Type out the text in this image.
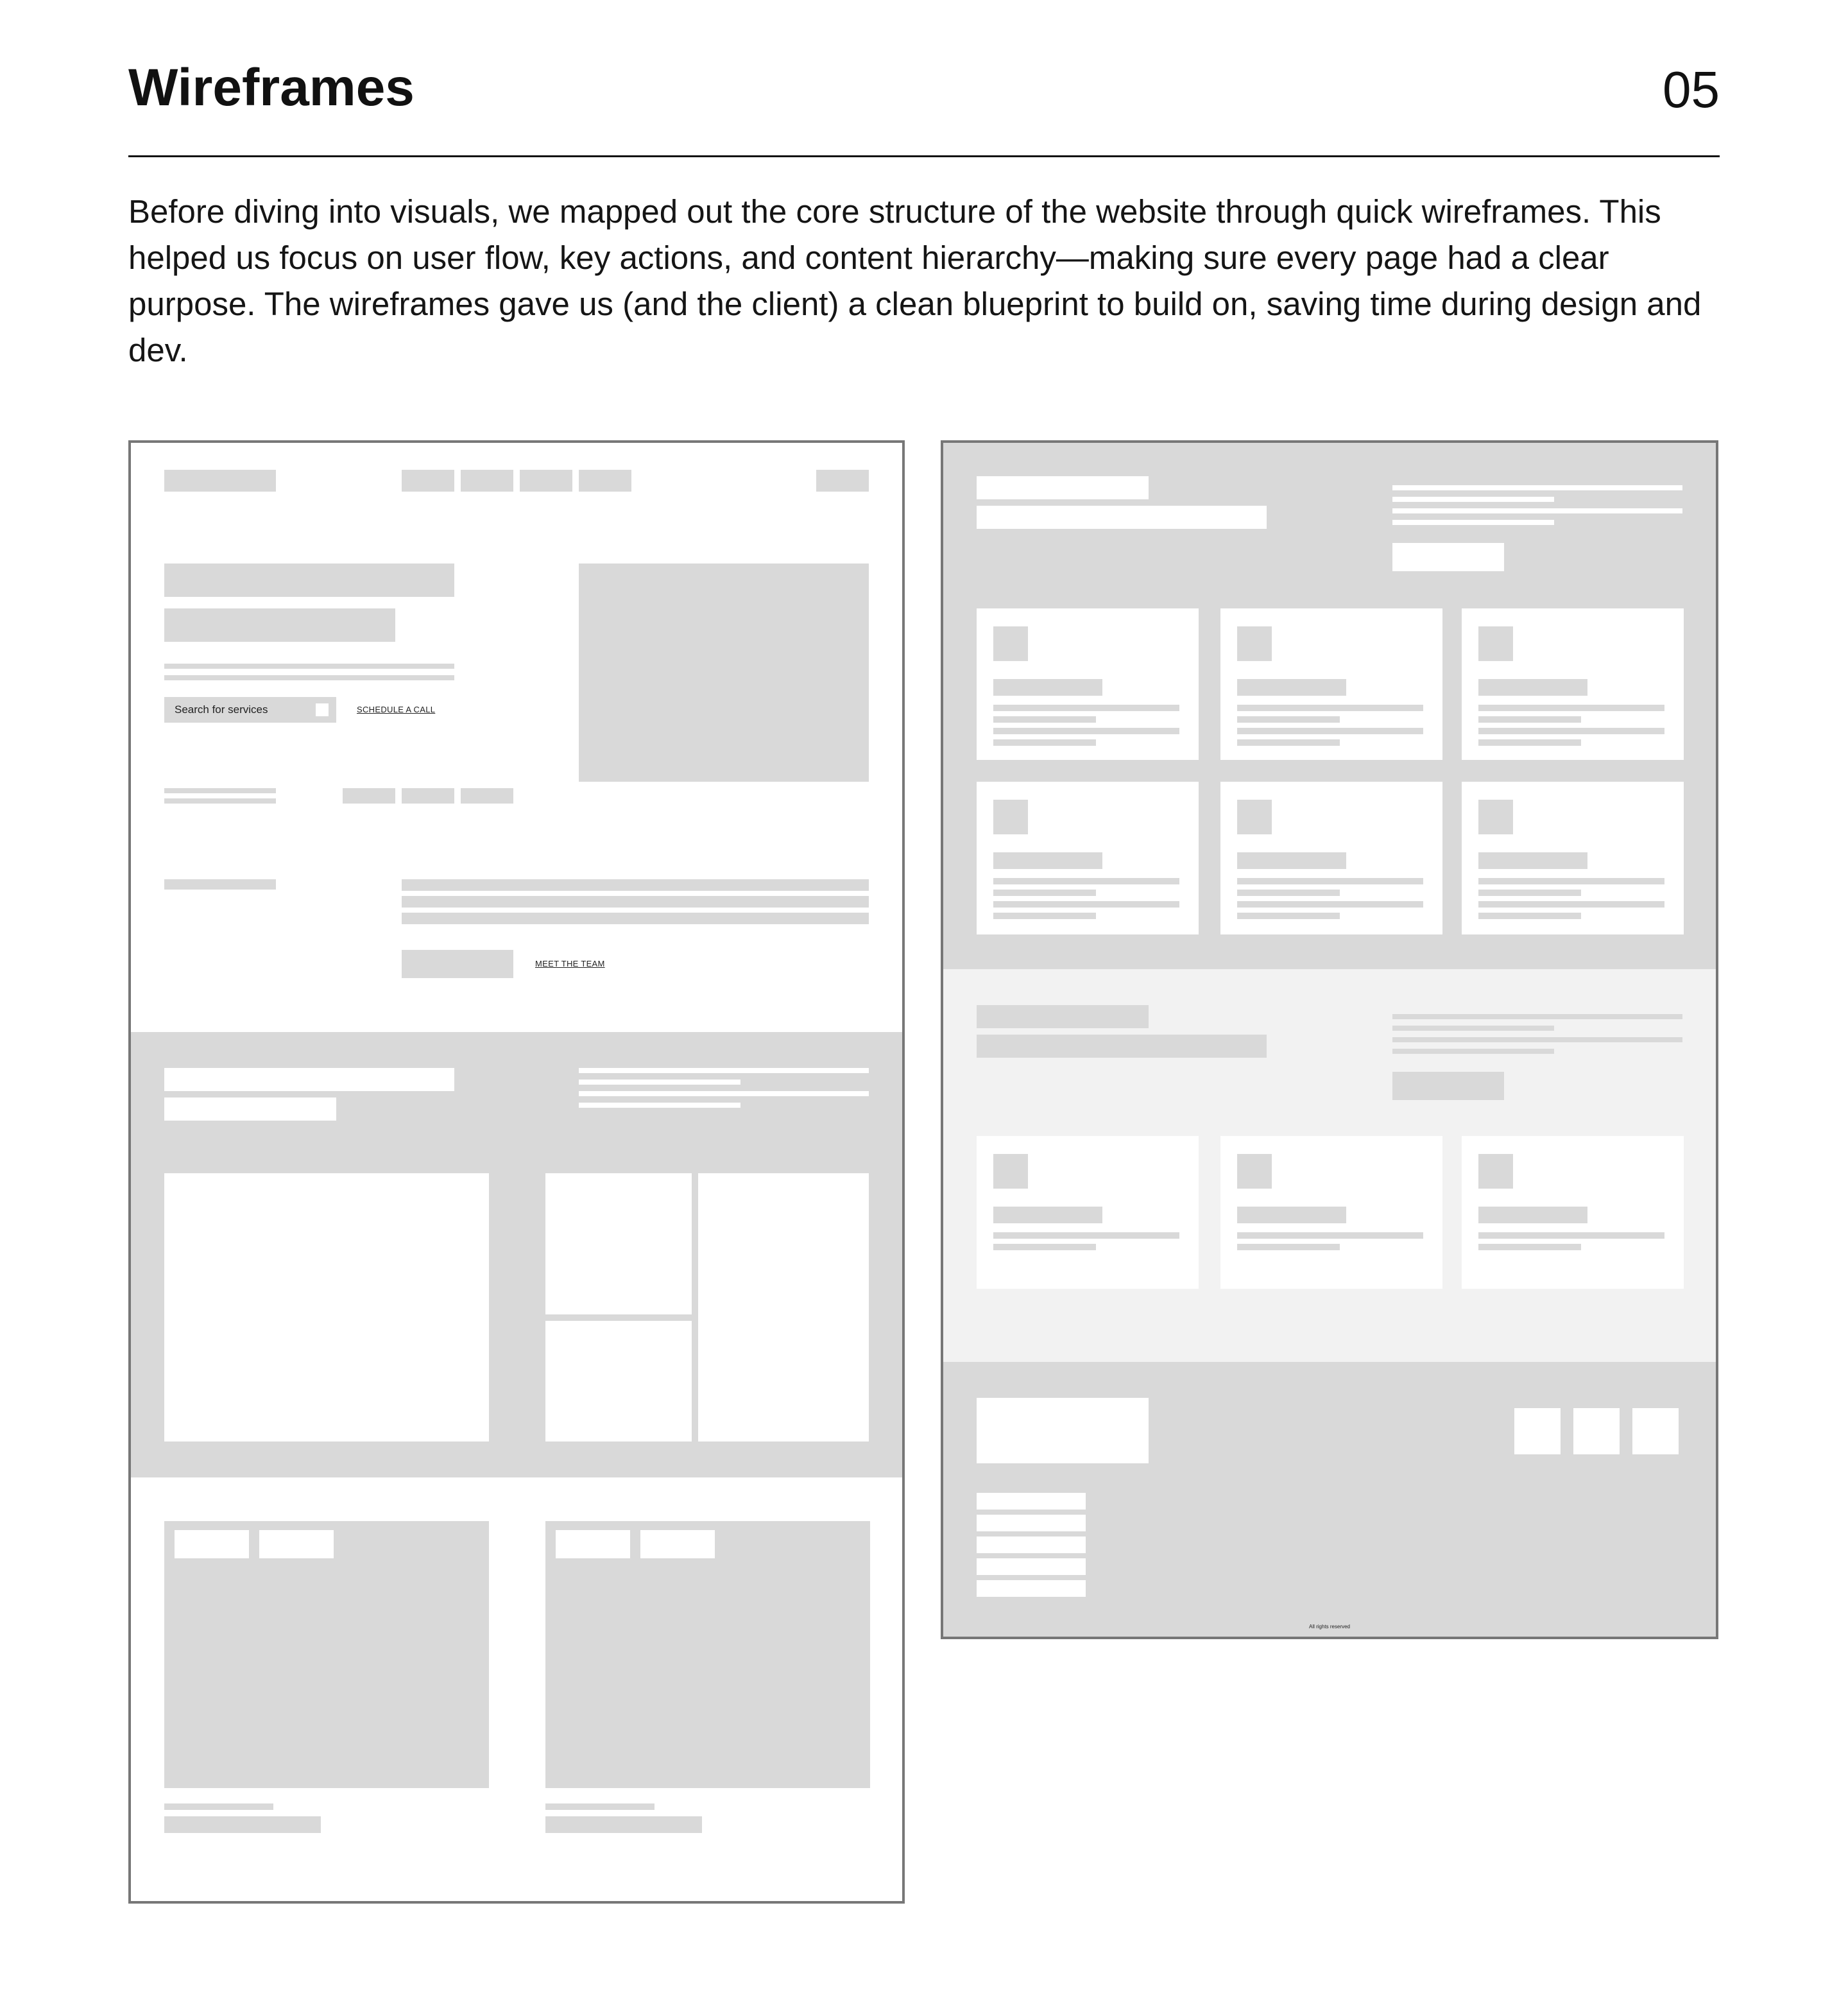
Wireframes	05
Before diving into visuals, we mapped out the core structure of the website through quick wireframes. This helped us focus on user flow, key actions, and content hierarchy—making sure every page had a clear purpose. The wireframes gave us (and the client) a clean blueprint to build on, saving time during design and dev.
Search for services	SCHEDULE A CALL
MEET THE TEAM
All rights reserved
